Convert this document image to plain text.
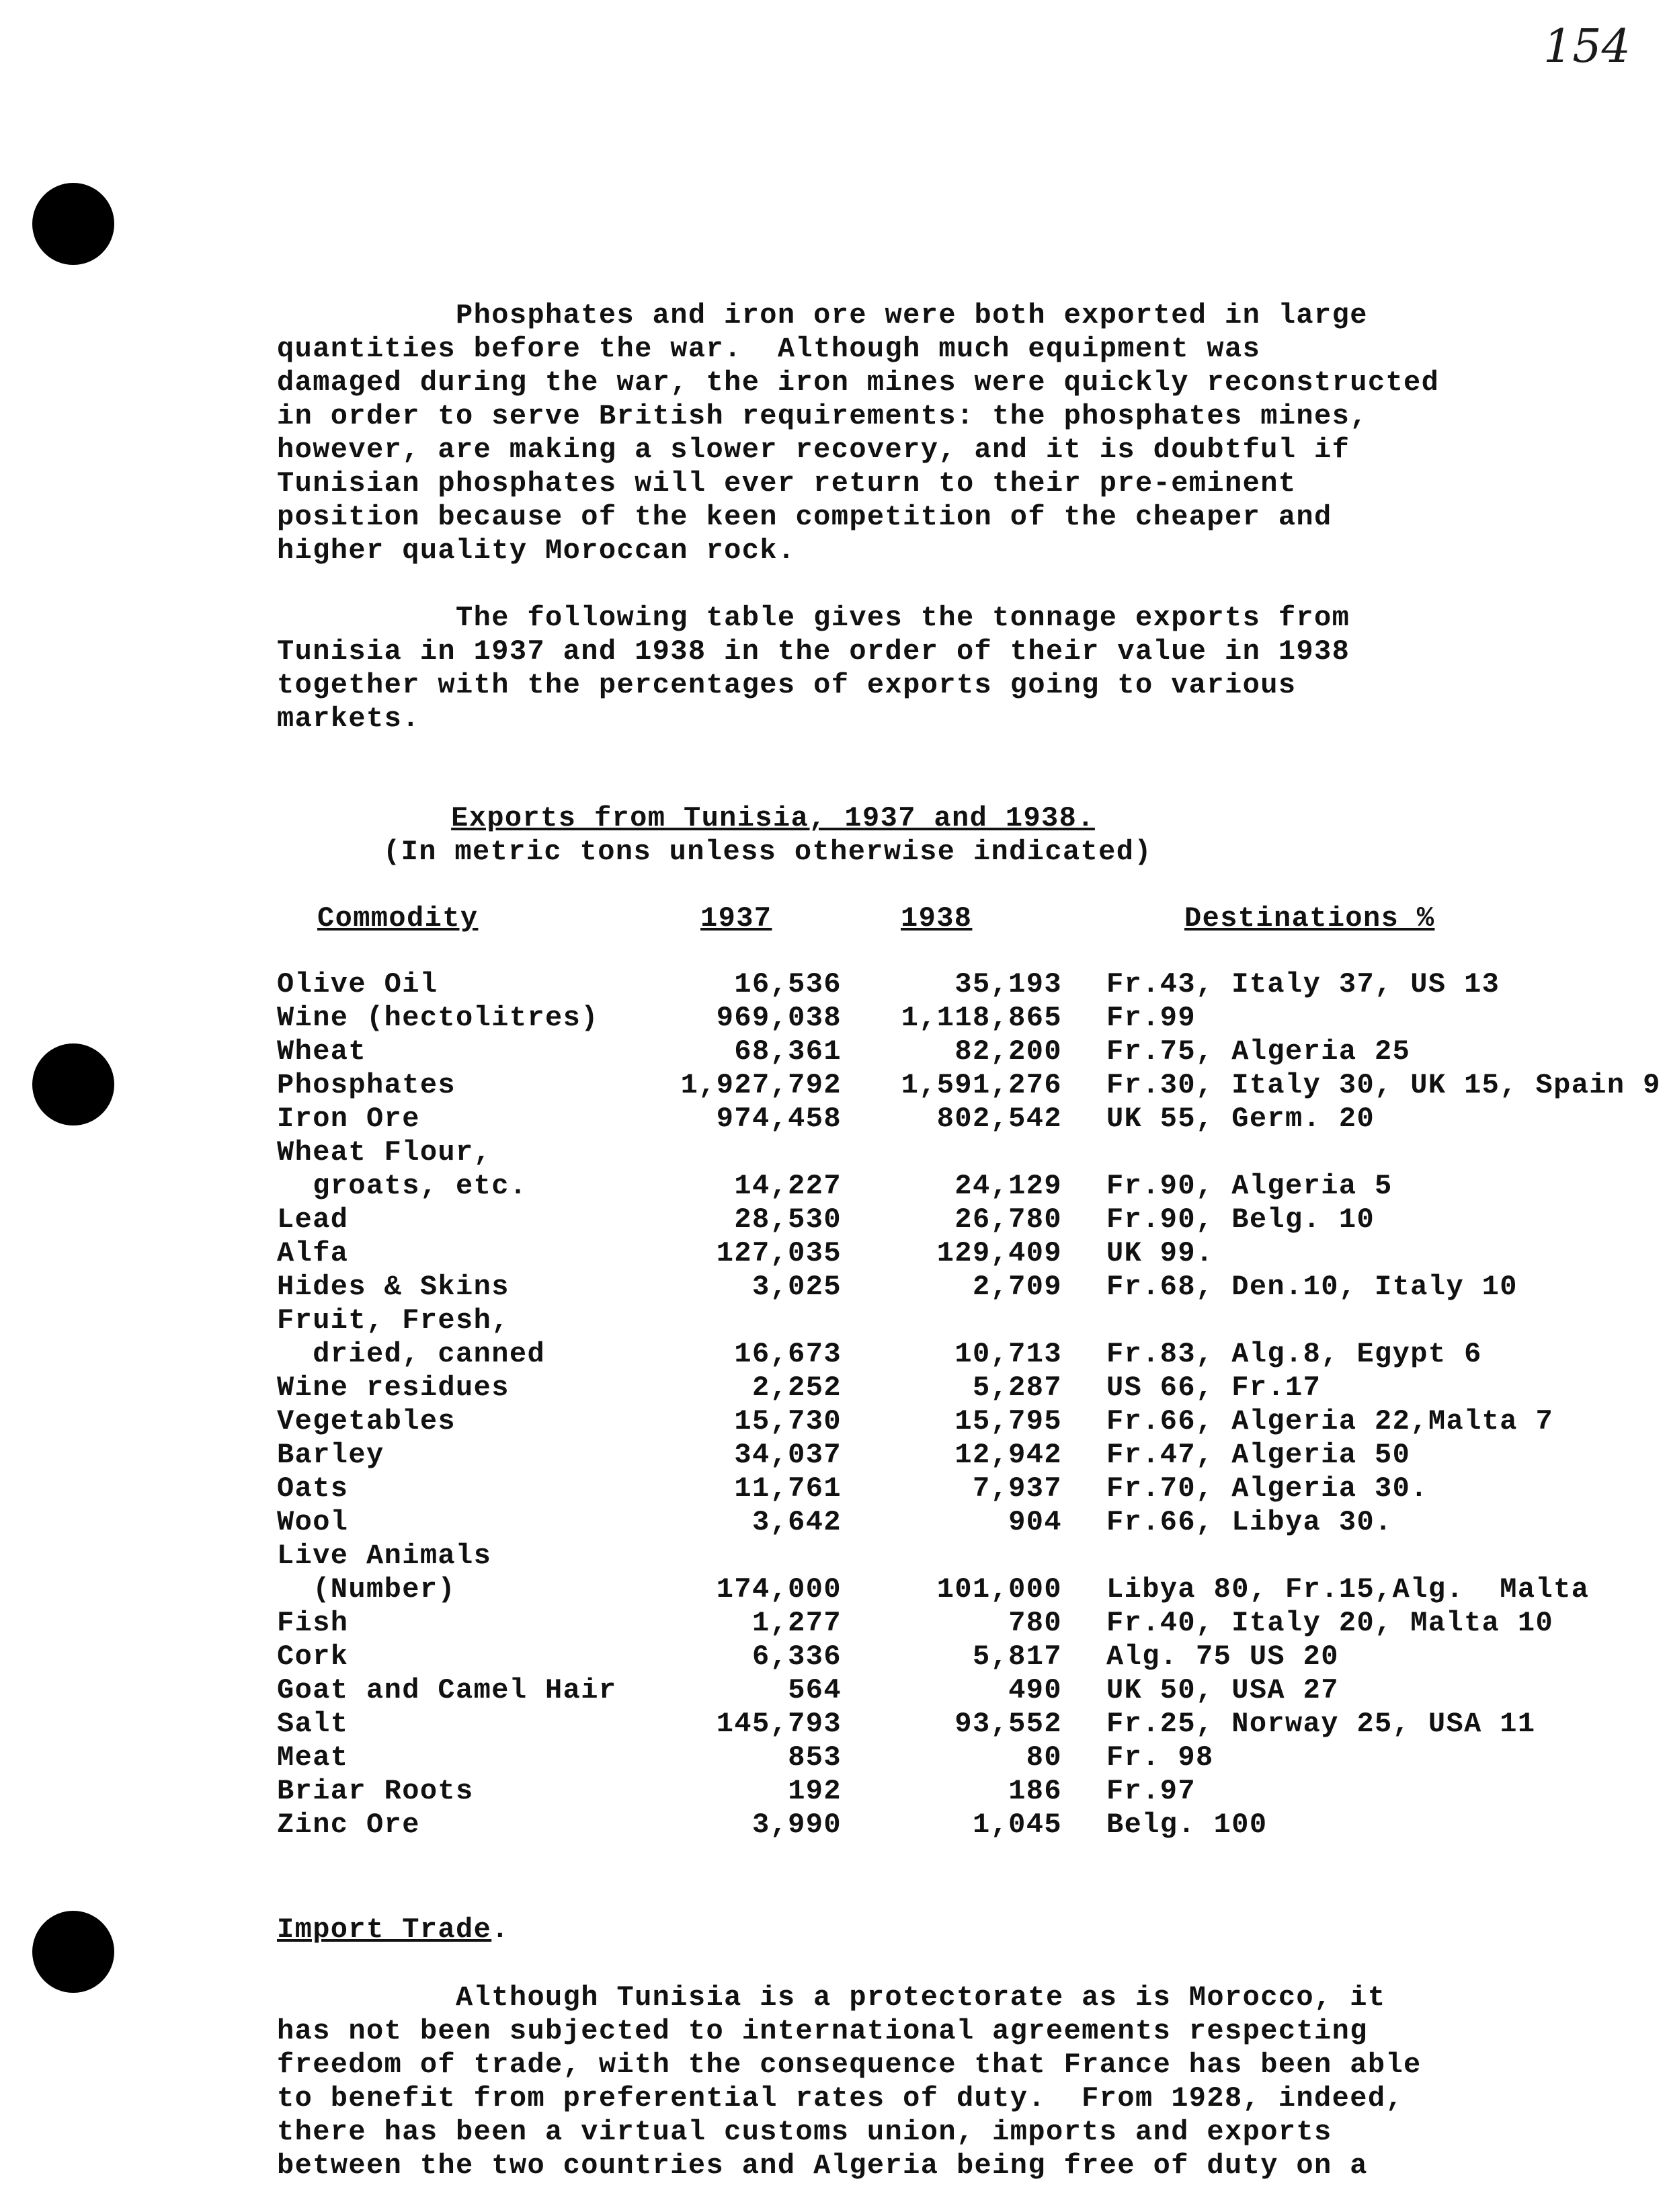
154
Phosphates and iron ore were both exported in large
quantities before the war.  Although much equipment was
damaged during the war, the iron mines were quickly reconstructed
in order to serve British requirements: the phosphates mines,
however, are making a slower recovery, and it is doubtful if
Tunisian phosphates will ever return to their pre-eminent
position because of the keen competition of the cheaper and
higher quality Moroccan rock.
The following table gives the tonnage exports from
Tunisia in 1937 and 1938 in the order of their value in 1938
together with the percentages of exports going to various
markets.
Exports from Tunisia, 1937 and 1938.
(In metric tons unless otherwise indicated)
Commodity	1937	1938	Destinations %
Olive Oil	16,536	35,193 Fr.43, Italy 37, US 13
Wine (hectolitres)	969,038 1,118,865 Fr.99
Wheat	68,361	82,200 Fr.75, Algeria 25
Phosphates	1,927,792 1,591,276 Fr.30, Italy 30, UK 15, Spain 9
Iron Ore	974,458	802,542 UK 55, Germ. 20
Wheat Flour,
groats, etc.	14,227	24,129 Fr.90, Algeria 5
Lead	28,530	26,780 Fr.90, Belg. 10
Alfa	127,035	129,409 UK 99.
Hides & Skins	3,025	2,709 Fr.68, Den.10, Italy 10
Fruit, Fresh,
dried, canned	16,673	10,713 Fr.83, Alg.8, Egypt 6
Wine residues	2,252	5,287 US 66, Fr.17
Vegetables	15,730	15,795 Fr.66, Algeria 22,Malta 7
Barley	34,037	12,942 Fr.47, Algeria 50
Oats	11,761	7,937 Fr.70, Algeria 30.
Wool	3,642	904 Fr.66, Libya 30.
Live Animals
(Number)	174,000	101,000 Libya 80, Fr.15,Alg.  Malta
Fish	1,277	780 Fr.40, Italy 20, Malta 10
Cork	6,336	5,817 Alg. 75 US 20
Goat and Camel Hair	564	490 UK 50, USA 27
Salt	145,793	93,552 Fr.25, Norway 25, USA 11
Meat	853	80 Fr. 98
Briar Roots	192	186 Fr.97
Zinc Ore	3,990	1,045 Belg. 100
Import Trade.
Although Tunisia is a protectorate as is Morocco, it
has not been subjected to international agreements respecting
freedom of trade, with the consequence that France has been able
to benefit from preferential rates of duty.  From 1928, indeed,
there has been a virtual customs union, imports and exports
between the two countries and Algeria being free of duty on a
